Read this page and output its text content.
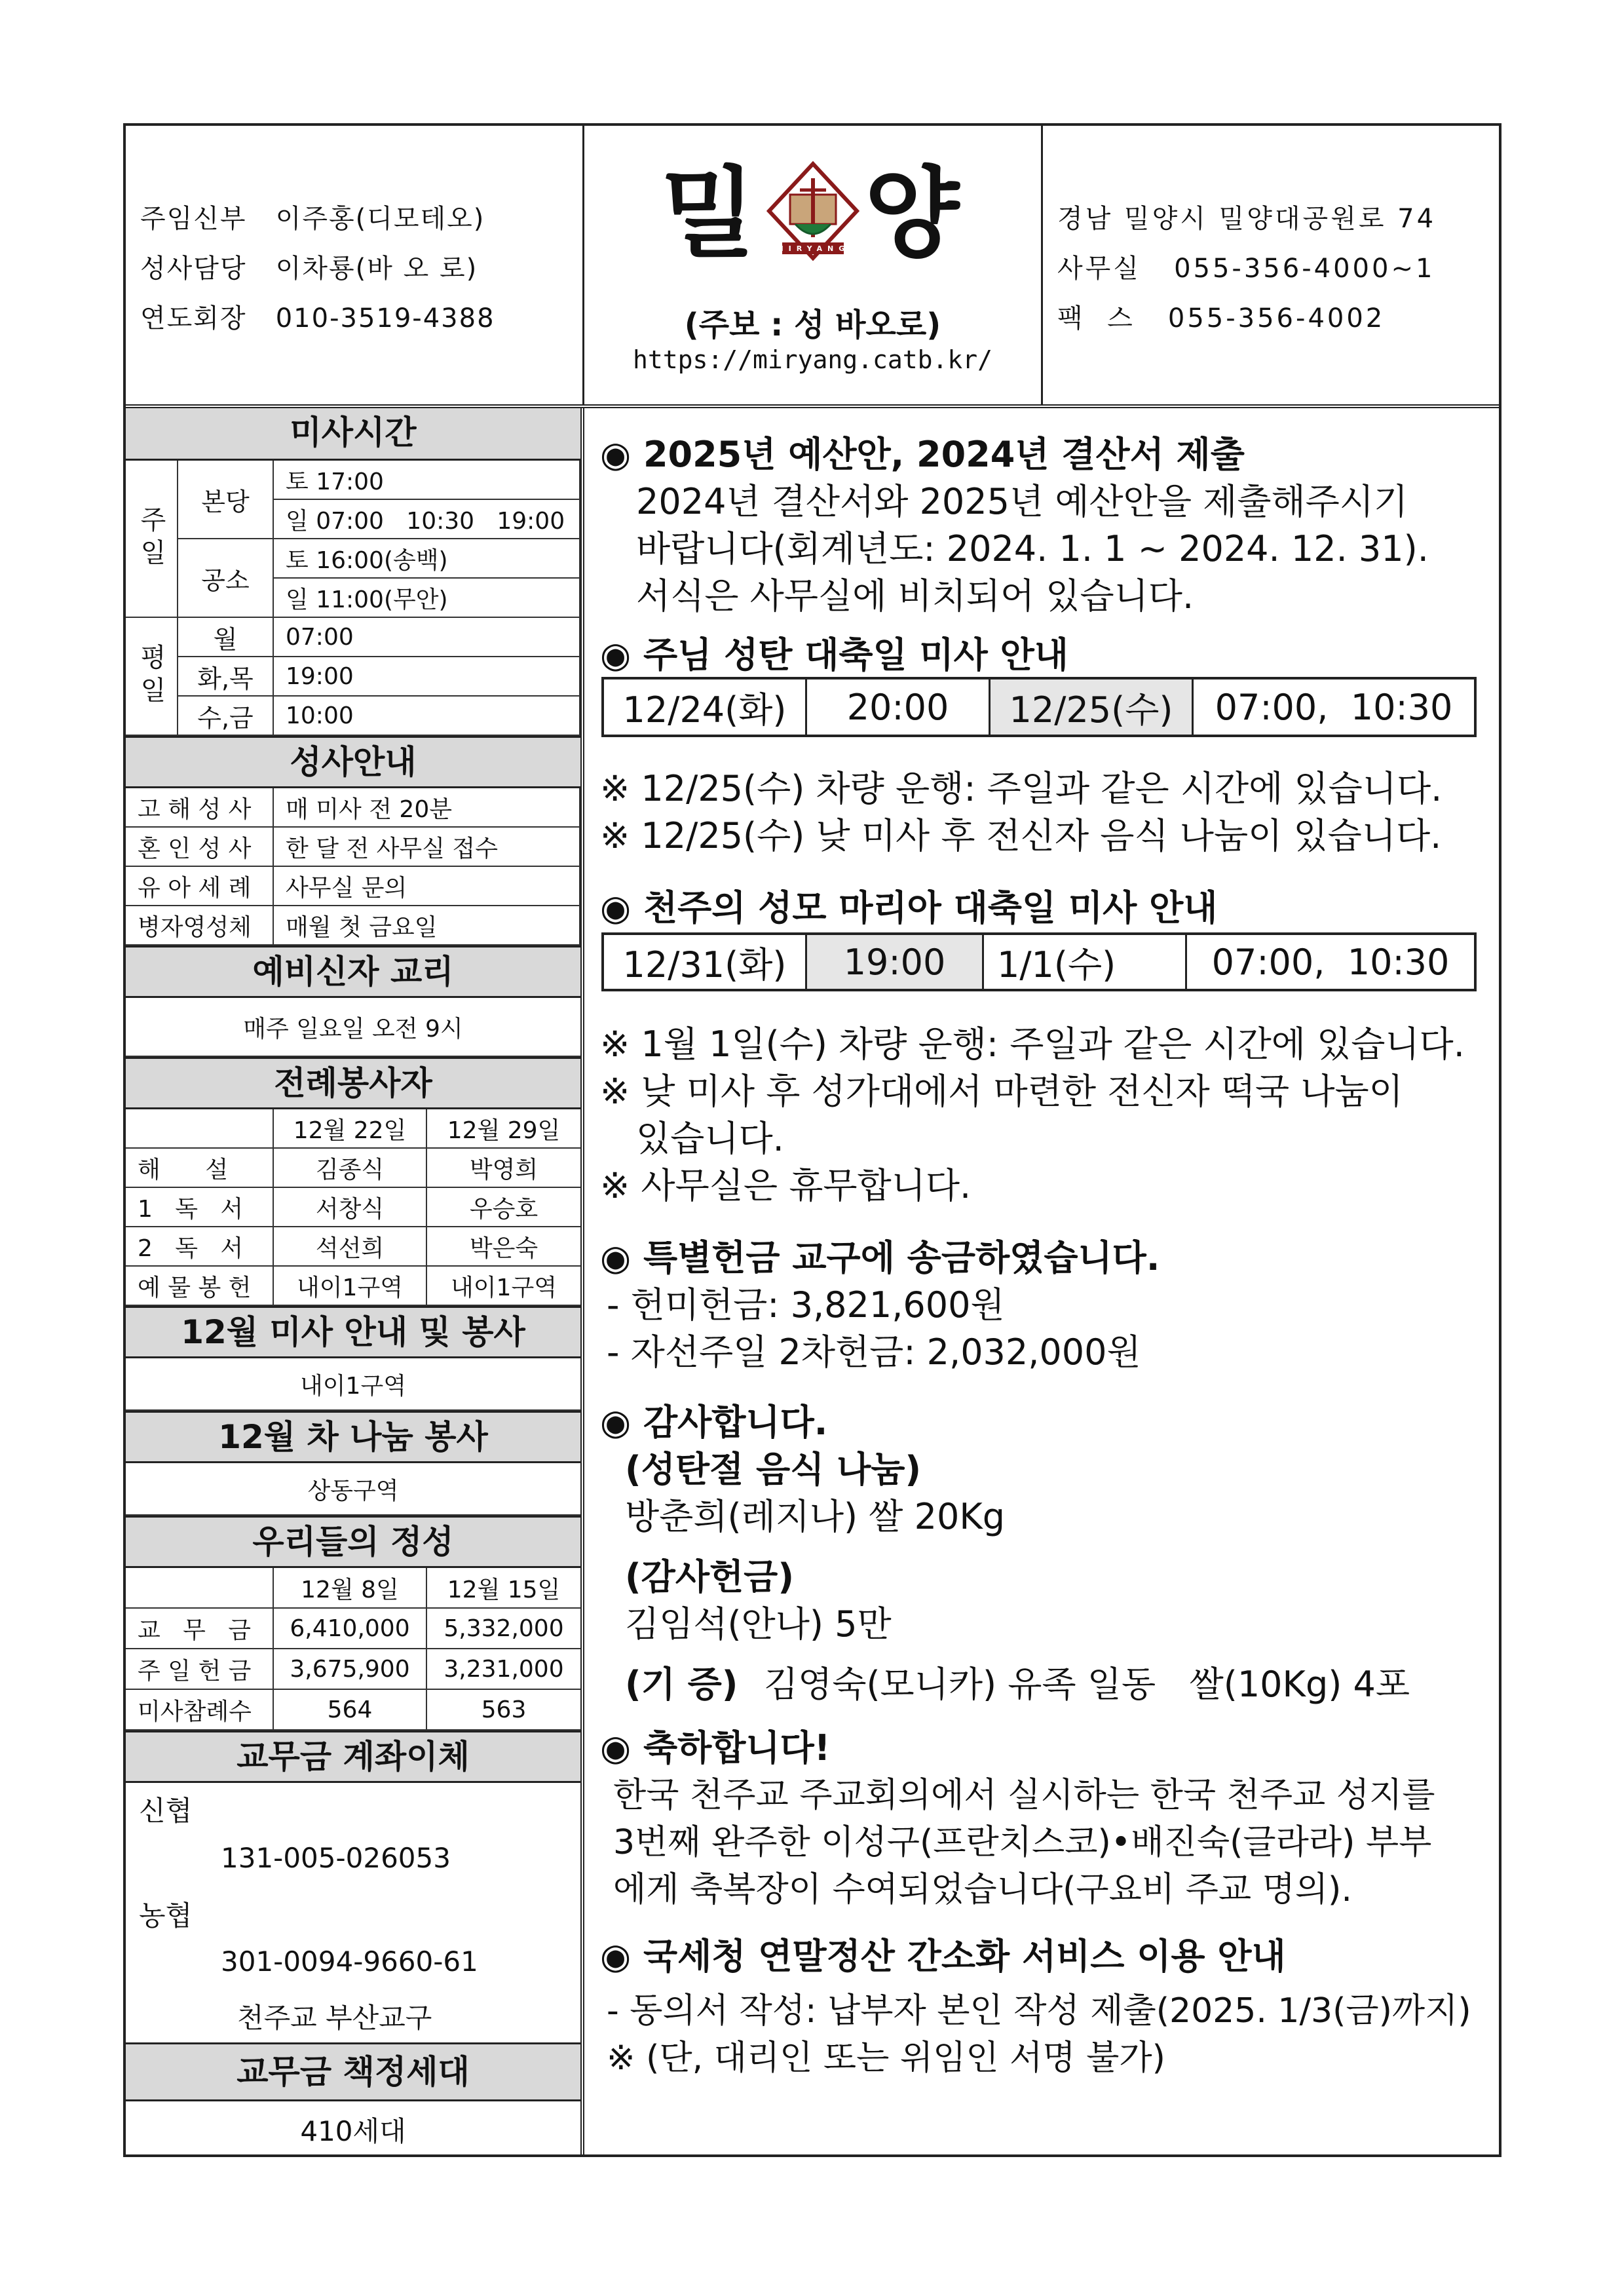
주임신부 이주홍(디모테오)
성사담당 이차룡(바 오 로)
연도회장 010-3519-4388
밀 MIRYANG 양
(주보 : 성 바오로)
https://miryang.catb.kr/
경남 밀양시 밀양대공원로 74
사무실 055-356-4000~1
팩  스 055-356-4002
미사시간
주일
본당
토 17:00
일 07:00   10:30   19:00
공소
토 16:00(송백)
일 11:00(무안)
평일
월	07:00
화,목	19:00
수,금	10:00
성사안내
고 해 성 사	매 미사 전 20분
혼 인 성 사	한 달 전 사무실 접수
유 아 세 례	사무실 문의
병자영성체	매월 첫 금요일
예비신자 교리
매주 일요일 오전 9시
전례봉사자
12월 22일	12월 29일
해      설	김종식	박영희
1   독   서	서창식	우승호
2   독   서	석선희	박은숙
예 물 봉 헌	내이1구역	내이1구역
12월 미사 안내 및 봉사
내이1구역
12월 차 나눔 봉사
상동구역
우리들의 정성
12월 8일	12월 15일
교   무   금	6,410,000	5,332,000
주 일 헌 금	3,675,900	3,231,000
미사참례수	564	563
교무금 계좌이체
신협
131-005-026053
농협
301-0094-9660-61
천주교 부산교구
교무금 책정세대
410세대
◉ 2025년 예산안, 2024년 결산서 제출
2024년 결산서와 2025년 예산안을 제출해주시기
바랍니다(회계년도: 2024. 1. 1 ~ 2024. 12. 31).
서식은 사무실에 비치되어 있습니다.
◉ 주님 성탄 대축일 미사 안내
12/24(화)	20:00	12/25(수)	07:00,  10:30
※ 12/25(수) 차량 운행: 주일과 같은 시간에 있습니다.
※ 12/25(수) 낮 미사 후 전신자 음식 나눔이 있습니다.
◉ 천주의 성모 마리아 대축일 미사 안내
12/31(화)	19:00	1/1(수)	07:00,  10:30
※ 1월 1일(수) 차량 운행: 주일과 같은 시간에 있습니다.
※ 낮 미사 후 성가대에서 마련한 전신자 떡국 나눔이
있습니다.
※ 사무실은 휴무합니다.
◉ 특별헌금 교구에 송금하였습니다.
- 헌미헌금: 3,821,600원
- 자선주일 2차헌금: 2,032,000원
◉ 감사합니다.
(성탄절 음식 나눔)
방춘희(레지나) 쌀 20Kg
(감사헌금)
김임석(안나) 5만
(기 증) 김영숙(모니카) 유족 일동   쌀(10Kg) 4포
◉ 축하합니다!
한국 천주교 주교회의에서 실시하는 한국 천주교 성지를
3번째 완주한 이성구(프란치스코)•배진숙(글라라) 부부
에게 축복장이 수여되었습니다(구요비 주교 명의).
◉ 국세청 연말정산 간소화 서비스 이용 안내
- 동의서 작성: 납부자 본인 작성 제출(2025. 1/3(금)까지)
※ (단, 대리인 또는 위임인 서명 불가)
